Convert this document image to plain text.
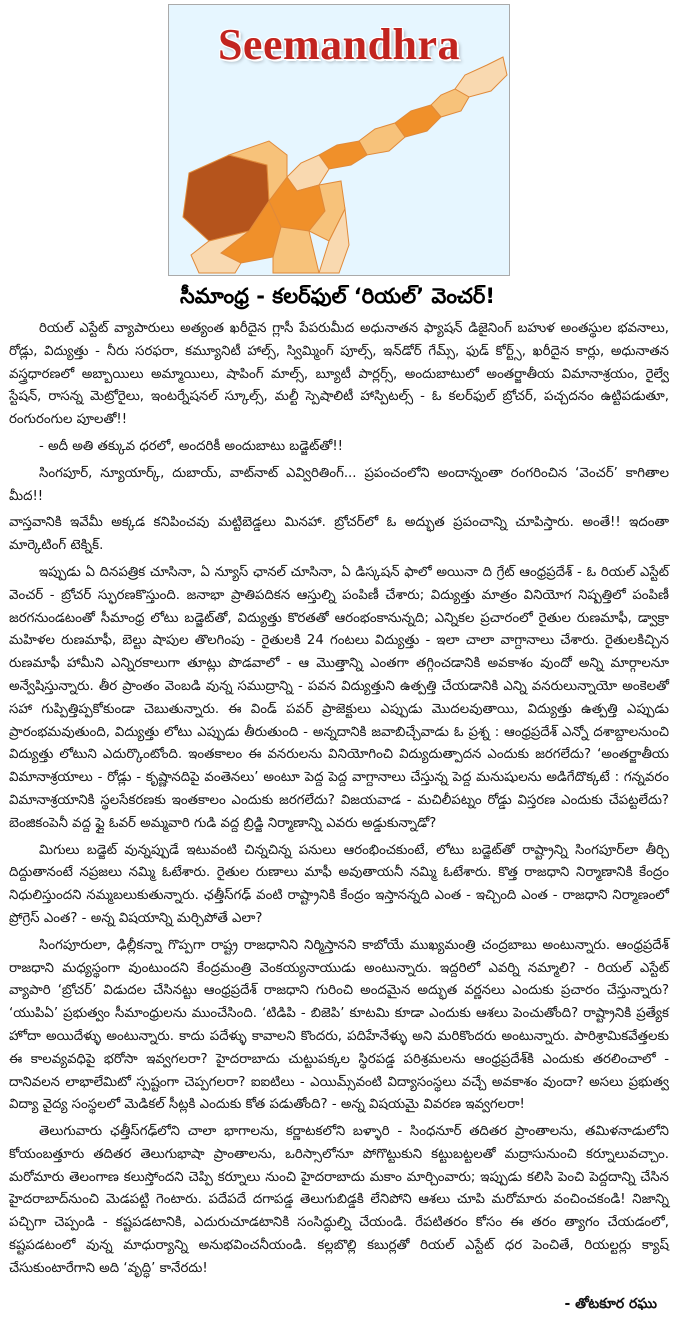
Seemandhra
సీమాంధ్ర - కలర్‌ఫుల్ ‘రియల్’ వెంచర్!

రియల్ ఎస్టేట్ వ్యాపారులు అత్యంత ఖరీదైన గ్లాసీ పేపరుమీద అధునాతన ఫ్యాషన్ డిజైనింగ్ బహుళ అంతస్థుల భవనాలు, రోడ్లు, విద్యుత్తు - నీరు సరఫరా, కమ్యూనిటీ హాల్స్, స్విమ్మింగ్ పూల్స్, ఇన్‌డోర్ గేమ్స్, ఫుడ్ కోర్ట్స్, ఖరీదైన కార్లు, అధునాతన వస్త్రధారణలో అబ్బాయిలు అమ్మాయిలు, షాపింగ్ మాల్స్, బ్యూటీ పార్లర్స్, అందుబాటులో అంతర్జాతీయ విమానాశ్రయం, రైల్వే స్టేషన్, రాసన్న మెట్రోరైలు, ఇంటర్నేషనల్ స్కూల్స్, మల్టీ స్పెషాలిటీ హాస్పిటల్స్ - ఓ కలర్‌ఫుల్ బ్రోచర్, పచ్చదనం ఉట్టిపడుతూ, రంగురంగుల పూలతో!!

- అదీ అతి తక్కువ ధరలో, అందరికీ అందుబాటు బడ్జెట్‌తో!!

సింగపూర్, న్యూయార్క్, దుబాయ్, వాట్‌నాట్ ఎవ్విరితింగ్... ప్రపంచంలోని అందాన్నంతా రంగరించిన ‘వెంచర్’ కాగితాల మీద!!

వాస్తవానికి ఇవేమీ అక్కడ కనిపించవు మట్టిబెడ్డలు మినహా. బ్రోచర్‌లో ఓ అద్భుత ప్రపంచాన్ని చూపిస్తారు. అంతే!! ఇదంతా మార్కెటింగ్ టెక్నిక్.

ఇప్పుడు ఏ దినపత్రిక చూసినా, ఏ న్యూస్ ఛానల్ చూసినా, ఏ డిస్కషన్ ఫాలో అయినా ది గ్రేట్ ఆంధ్రప్రదేశ్ - ఓ రియల్ ఎస్టేట్ వెంచర్ - బ్రోచర్ స్ఫురణకొస్తుంది. జనాభా ప్రాతిపదికన ఆస్తుల్ని పంపిణీ చేశారు; విద్యుత్తు మాత్రం వినియోగ నిష్పత్తిలో పంపిణీ జరగనుండటంతో సీమాంధ్ర లోటు బడ్జెట్‌తో, విద్యుత్తు కొరతతో ఆరంభంకానున్నది; ఎన్నికల ప్రచారంలో రైతుల రుణమాఫీ, డ్వాక్రా మహిళల రుణమాఫీ, బెల్టు షాపుల తొలగింపు - రైతులకి 24 గంటలు విద్యుత్తు - ఇలా చాలా వాగ్దానాలు చేశారు. రైతులకిచ్చిన రుణమాఫీ హామీని ఎన్నిరకాలుగా తూట్లు పొడవాలో - ఆ మొత్తాన్ని ఎంతగా తగ్గించడానికి అవకాశం వుందో అన్ని మార్గాలనూ అన్వేషిస్తున్నారు. తీర ప్రాంతం వెంబడి వున్న సముద్రాన్ని - పవన విద్యుత్తుని ఉత్పత్తి చేయడానికి ఎన్ని వనరులున్నాయో అంకెలతో సహా గుప్పిత్తిప్పకోకుండా చెబుతున్నారు. ఈ విండ్ పవర్ ప్రాజెక్టులు ఎప్పుడు మొదలవుతాయి, విద్యుత్తు ఉత్పత్తి ఎప్పుడు ప్రారంభమవుతుంది, విద్యుత్తు లోటు ఎప్పుడు తీరుతుంది - అన్నదానికి జవాబిచ్చేవాడు ఓ ప్రశ్న : ఆంధ్రప్రదేశ్ ఎన్నో దశాబ్దాలనుంచి విద్యుత్తు లోటుని ఎదుర్కొంటోంది. ఇంతకాలం ఈ వనరులను వినియోగించి విద్యుదుత్పాదన ఎందుకు జరగలేదు? ‘అంతర్జాతీయ విమానాశ్రయాలు - రోడ్లు - కృష్ణానదిపై వంతెనలు’ అంటూ పెద్ద పెద్ద వాగ్దానాలు చేస్తున్న పెద్ద మనుషులను అడిగేదొక్కటే : గన్నవరం విమానాశ్రయానికి స్థలసేకరణకు ఇంతకాలం ఎందుకు జరగలేదు? విజయవాడ - మచిలీపట్నం రోడ్డు విస్తరణ ఎందుకు చేపట్టలేదు? బెంజికంపెనీ వద్ద ఫ్లై ఓవర్ అమ్మవారి గుడి వద్ద బ్రిడ్జి నిర్మాణాన్ని ఎవరు అడ్డుకున్నాడో?

మిగులు బడ్జెట్ వున్నప్పుడే ఇటువంటి చిన్నచిన్న పనులు ఆరంభించకుంటే, లోటు బడ్జెట్‌తో రాష్ట్రాన్ని సింగపూర్‌లా తీర్చి దిద్దుతానంటే నప్రజలు నమ్మి ఓటేశారు. రైతుల రుణాలు మాఫీ అవుతాయనీ నమ్మి ఓటేశారు. కొత్త రాజధాని నిర్మాణానికి కేంద్రం నిధులిస్తుందని నమ్మబలుకుతున్నారు. ఛత్తీస్‌గఢ్ వంటి రాష్ట్రానికి కేంద్రం ఇస్తానన్నది ఎంత - ఇచ్చింది ఎంత - రాజధాని నిర్మాణంలో ప్రోగ్రెస్ ఎంత? - అన్న విషయాన్ని మర్చిపోతే ఎలా?

సింగపూరులా, ఢిల్లీకన్నా గొప్పగా రాష్ట్ర రాజధానిని నిర్మిస్తానని కాబోయే ముఖ్యమంత్రి చంద్రబాబు అంటున్నారు. ఆంధ్రప్రదేశ్ రాజధాని మధ్యస్థంగా వుంటుందని కేంద్రమంత్రి వెంకయ్యనాయుడు అంటున్నారు. ఇద్దరిలో ఎవర్ని నమ్మాలి? - రియల్ ఎస్టేట్ వ్యాపారి ‘బ్రోచర్’ విడుదల చేసినట్టు ఆంధ్రప్రదేశ్ రాజధాని గురించి అందమైన అద్భుత వర్ణనలు ఎందుకు ప్రచారం చేస్తున్నారు? ‘యుపిఏ’ ప్రభుత్వం సీమాంధ్రులను ముంచేసింది. ‘టిడిపి - బిజెపి’ కూటమి కూడా ఎందుకు ఆశలు పెంచుతోంది? రాష్ట్రానికి ప్రత్యేక హోదా అయిదేళ్ళు అంటున్నారు. కాదు పదేళ్ళు కావాలని కొందరు, పదిహేనేళ్ళు అని మరికొందరు అంటున్నారు. పారిశ్రామికవేత్తలకు ఈ కాలవ్యవధిపై భరోసా ఇవ్వగలరా? హైదరాబాదు చుట్టుపక్కల స్థిరపడ్డ పరిశ్రమలను ఆంధ్రప్రదేశ్‌కి ఎందుకు తరలించాలో - దానివలన లాభాలేమిటో స్పష్టంగా చెప్పగలరా? ఐఐటిలు - ఎయిమ్స్‌వంటి విద్యాసంస్థలు వచ్చే అవకాశం వుందా? అసలు ప్రభుత్వ విద్యా వైద్య సంస్థలలో మెడికల్ సీట్లకి ఎందుకు కోత పడుతోంది? - అన్న విషయమై వివరణ ఇవ్వగలరా!

తెలుగువారు ఛత్తీస్‌గఢ్‌లోని చాలా భాగాలను, కర్ణాటకలోని బళ్ళారి - సింధనూర్ తదితర ప్రాంతాలను, తమిళనాడులోని కోయంబత్తూరు తదితర తెలుగుభాషా ప్రాంతాలను, ఒరిస్సాలోనూ పోగొట్టుకుని కట్టుబట్టలతో మద్రాసునుంచి కర్నూలువచ్చాం. మరోమారు తెలంగాణ కలుస్తోందని చెప్పి కర్నూలు నుంచి హైదరాబాదు మకాం మార్చింవారు; ఇప్పుడు కలిసి పెంచి పెద్దదాన్ని చేసిన హైదరాబాద్‌నుంచి మెడపట్టి గెంటారు. పదేపదే దగాపడ్డ తెలుగుబిడ్డకి లేనిపోని ఆశలు చూపి మరోమారు వంచించకండి! నిజాన్ని పచ్చిగా చెప్పండి - కష్టపడటానికి, ఎదురుచూడటానికి సంసిద్ధుల్ని చేయండి. రేపటితరం కోసం ఈ తరం త్యాగం చేయడంలో, కష్టపడటంలో వున్న మాధుర్యాన్ని అనుభవించనీయండి. కల్లబొల్లి కబుర్లతో రియల్ ఎస్టేట్ ధర పెంచితే, రియల్టర్లు క్యాష్ చేసుకుంటారేగాని అది ‘వృద్ధి’ కానేరదు!

- తోటకూర రఘు
